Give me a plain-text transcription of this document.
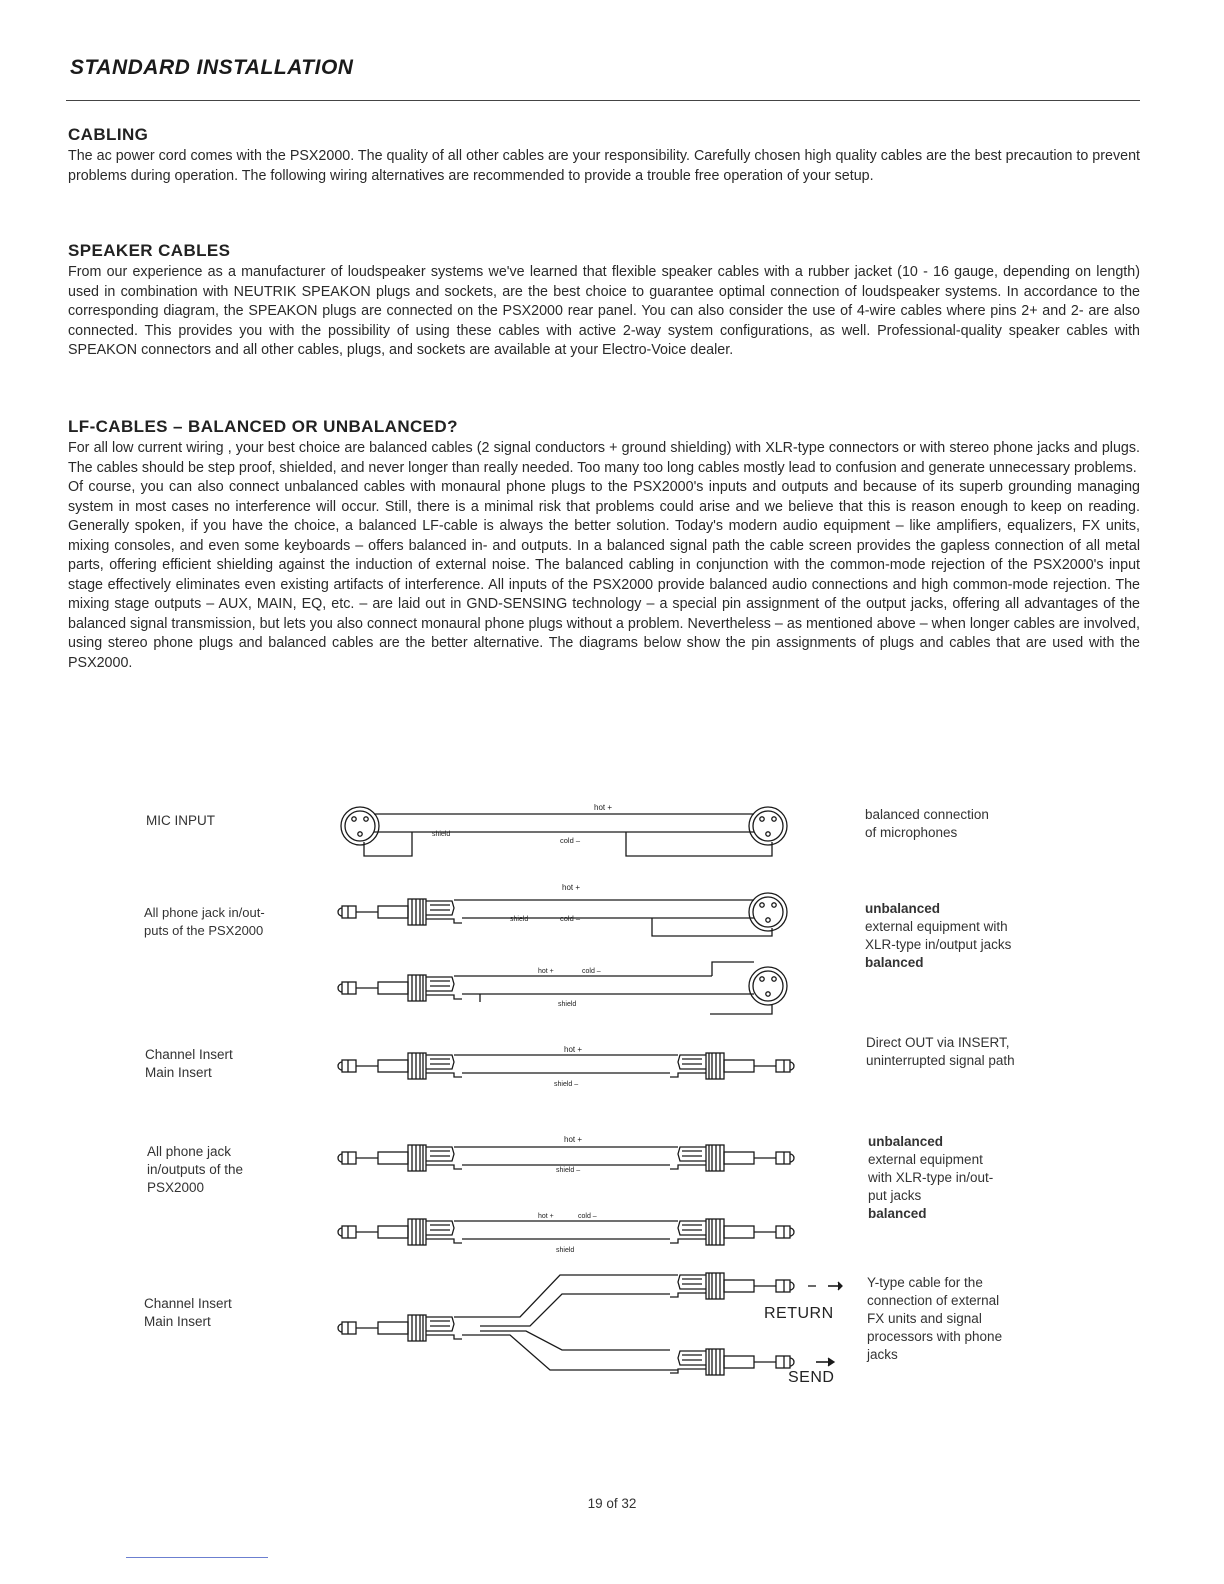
STANDARD INSTALLATION
CABLING

The ac power cord comes with the PSX2000. The quality of all other cables are your responsibility. Carefully chosen high quality cables are the best precaution to prevent problems during operation. The following wiring alternatives are recommended to provide a trouble free operation of your setup.

SPEAKER CABLES

From our experience as a manufacturer of loudspeaker systems we've learned that flexible speaker cables with a rubber jacket (10 - 16 gauge, depending on length) used in combination with NEUTRIK SPEAKON plugs and sockets, are the best choice to guarantee optimal connection of loudspeaker systems. In accordance to the corresponding diagram, the SPEAKON plugs are connected on the PSX2000 rear panel. You can also consider the use of 4-wire cables where pins 2+ and 2- are also connected. This provides you with the possibility of using these cables with active 2-way system configurations, as well. Professional-quality speaker cables with SPEAKON connectors and all other cables, plugs, and sockets are available at your Electro-Voice dealer.

LF-CABLES – BALANCED OR UNBALANCED?

For all low current wiring , your best choice are balanced cables (2 signal conductors + ground shielding) with XLR-type connectors or with stereo phone jacks and plugs. The cables should be step proof, shielded, and never longer than really needed. Too many too long cables mostly lead to confusion and generate unnecessary problems.

Of course, you can also connect unbalanced cables with monaural phone plugs to the PSX2000's inputs and outputs and because of its superb grounding managing system in most cases no interference will occur. Still, there is a minimal risk that problems could arise and we believe that this is reason enough to keep on reading. Generally spoken, if you have the choice, a balanced LF-cable is always the better solution. Today's modern audio equipment – like amplifiers, equalizers, FX units, mixing consoles, and even some keyboards – offers balanced in- and outputs. In a balanced signal path the cable screen provides the gapless connection of all metal parts, offering efficient shielding against the induction of external noise. The balanced cabling in conjunction with the common-mode rejection of the PSX2000's input stage effectively eliminates even existing artifacts of interference. All inputs of the PSX2000 provide balanced audio connections and high common-mode rejection. The mixing stage outputs – AUX, MAIN, EQ, etc. – are laid out in GND-SENSING technology – a special pin assignment of the output jacks, offering all advantages of the balanced signal transmission, but lets you also connect monaural phone plugs without a problem. Nevertheless – as mentioned above – when longer cables are involved, using stereo phone plugs and balanced cables are the better alternative. The diagrams below show the pin assignments of plugs and cables that are used with the PSX2000.

MIC INPUT
All phone jack in/out-
puts of the PSX2000
Channel Insert
Main Insert
All phone jack
in/outputs of the
PSX2000
Channel Insert
Main Insert
balanced connection
of microphones
unbalanced
external equipment with
XLR-type in/output jacks
balanced
Direct OUT via INSERT,
uninterrupted signal path
unbalanced
external equipment
with XLR-type in/out-
put jacks
balanced
Y-type cable for the
connection of external
FX units and signal
processors with phone
jacks
hot +
cold –
shield
hot +
cold –
shield
hot +	cold –
shield
hot +
shield –
hot +
shield –
hot +	cold –
shield
RETURN
SEND
19 of 32
